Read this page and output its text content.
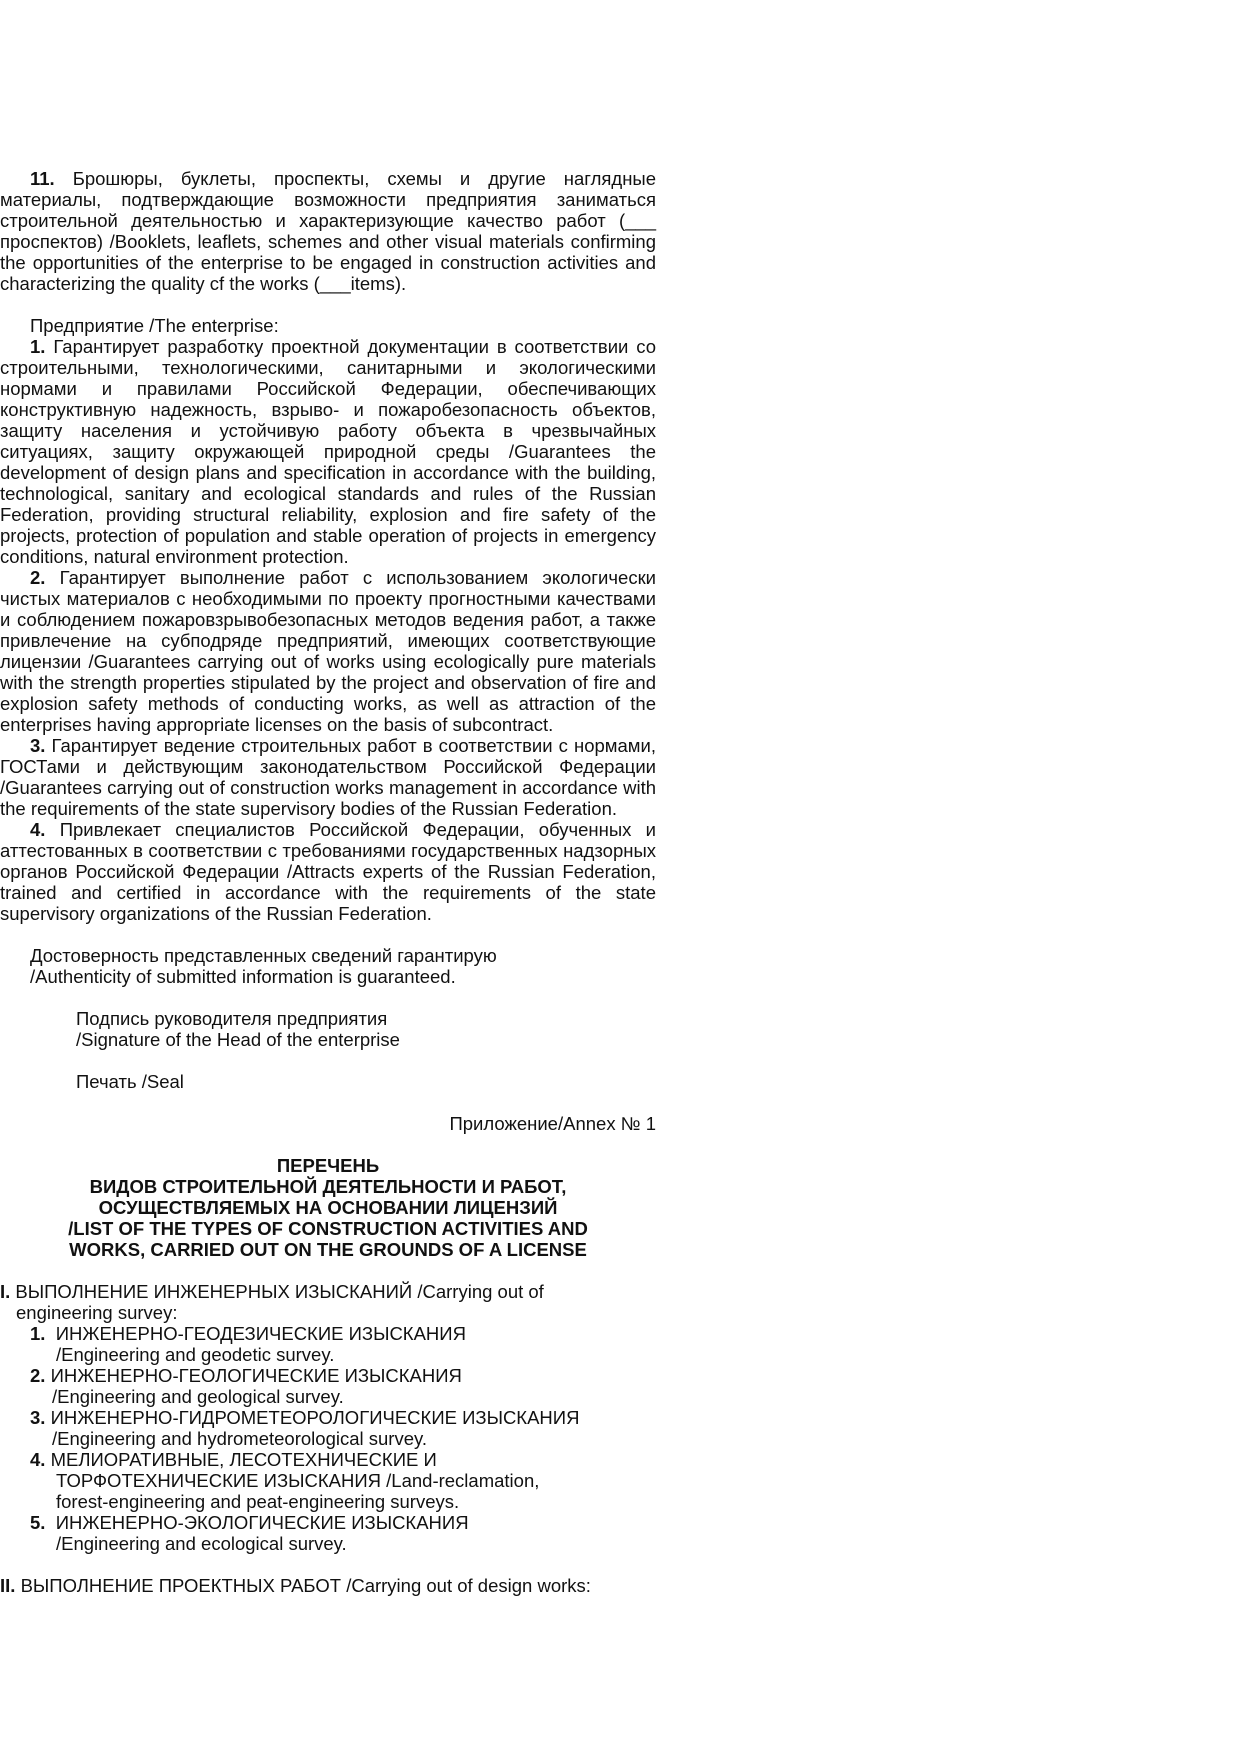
11. Брошюры, буклеты, проспекты, схемы и другие наглядные материалы, подтверждающие возможности предприятия заниматься строительной деятельностью и характеризующие качество работ (___ проспектов) /Booklets, leaflets, schemes and other visual materials confirming the opportunities of the enterprise to be engaged in construction activities and characterizing the quality cf the works (___items).

Предприятие /The enterprise:

1. Гарантирует разработку проектной документации в соответствии со строительными, технологическими, санитарными и экологическими нормами и правилами Российской Федерации, обеспечивающих конструктивную надежность, взрыво- и пожаробезопасность объектов, защиту населения и устойчивую работу объекта в чрезвычайных ситуациях, защиту окружающей природной среды /Guarantees the development of design plans and specification in accordance with the building, technological, sanitary and ecological standards and rules of the Russian Federation, providing structural reliability, explosion and fire safety of the projects, protection of population and stable operation of projects in emergency conditions, natural environment protection.

2. Гарантирует выполнение работ с использованием экологически чистых материалов с необходимыми по проекту прогностными качествами и соблюдением пожаровзрывобезопасных методов ведения работ, а также привлечение на субподряде предприятий, имеющих соответствующие лицензии /Guarantees carrying out of works using ecologically pure materials with the strength properties stipulated by the project and observation of fire and explosion safety methods of conducting works, as well as attraction of the enterprises having appropriate licenses on the basis of subcontract.

3. Гарантирует ведение строительных работ в соответствии с нормами, ГОСТами и действующим законодательством Российской Федерации /Guarantees carrying out of construction works management in accordance with the requirements of the state supervisory bodies of the Russian Federation.

4. Привлекает специалистов Российской Федерации, обученных и аттестованных в соответствии с требованиями государственных надзорных органов Российской Федерации /Attracts experts of the Russian Federation, trained and certified in accordance with the requirements of the state supervisory organizations of the Russian Federation.

Достоверность представленных сведений гарантирую

/Authenticity of submitted information is guaranteed.

Подпись руководителя предприятия

/Signature of the Head of the enterprise

Печать /Seal

Приложение/Annex № 1

ПЕРЕЧЕНЬ

ВИДОВ СТРОИТЕЛЬНОЙ ДЕЯТЕЛЬНОСТИ И РАБОТ,

ОСУЩЕСТВЛЯЕМЫХ НА ОСНОВАНИИ ЛИЦЕНЗИЙ

/LIST OF THE TYPES OF CONSTRUCTION ACTIVITIES AND

WORKS, CARRIED OUT ON THE GROUNDS OF A LICENSE

I. ВЫПОЛНЕНИЕ ИНЖЕНЕРНЫХ ИЗЫСКАНИЙ /Carrying out of
engineering survey:

1. ИНЖЕНЕРНО-ГЕОДЕЗИЧЕСКИЕ ИЗЫСКАНИЯ
/Engineering and geodetic survey.

2. ИНЖЕНЕРНО-ГЕОЛОГИЧЕСКИЕ ИЗЫСКАНИЯ
/Engineering and geological survey.

3. ИНЖЕНЕРНО-ГИДРОМЕТЕОРОЛОГИЧЕСКИЕ ИЗЫСКАНИЯ
/Engineering and hydrometeorological survey.

4. МЕЛИОРАТИВНЫЕ, ЛЕСОТЕХНИЧЕСКИЕ И
ТОРФОТЕХНИЧЕСКИЕ ИЗЫСКАНИЯ /Land-reclamation,
forest-engineering and peat-engineering surveys.

5. ИНЖЕНЕРНО-ЭКОЛОГИЧЕСКИЕ ИЗЫСКАНИЯ
/Engineering and ecological survey.

II. ВЫПОЛНЕНИЕ ПРОЕКТНЫХ РАБОТ /Carrying out of design works:
